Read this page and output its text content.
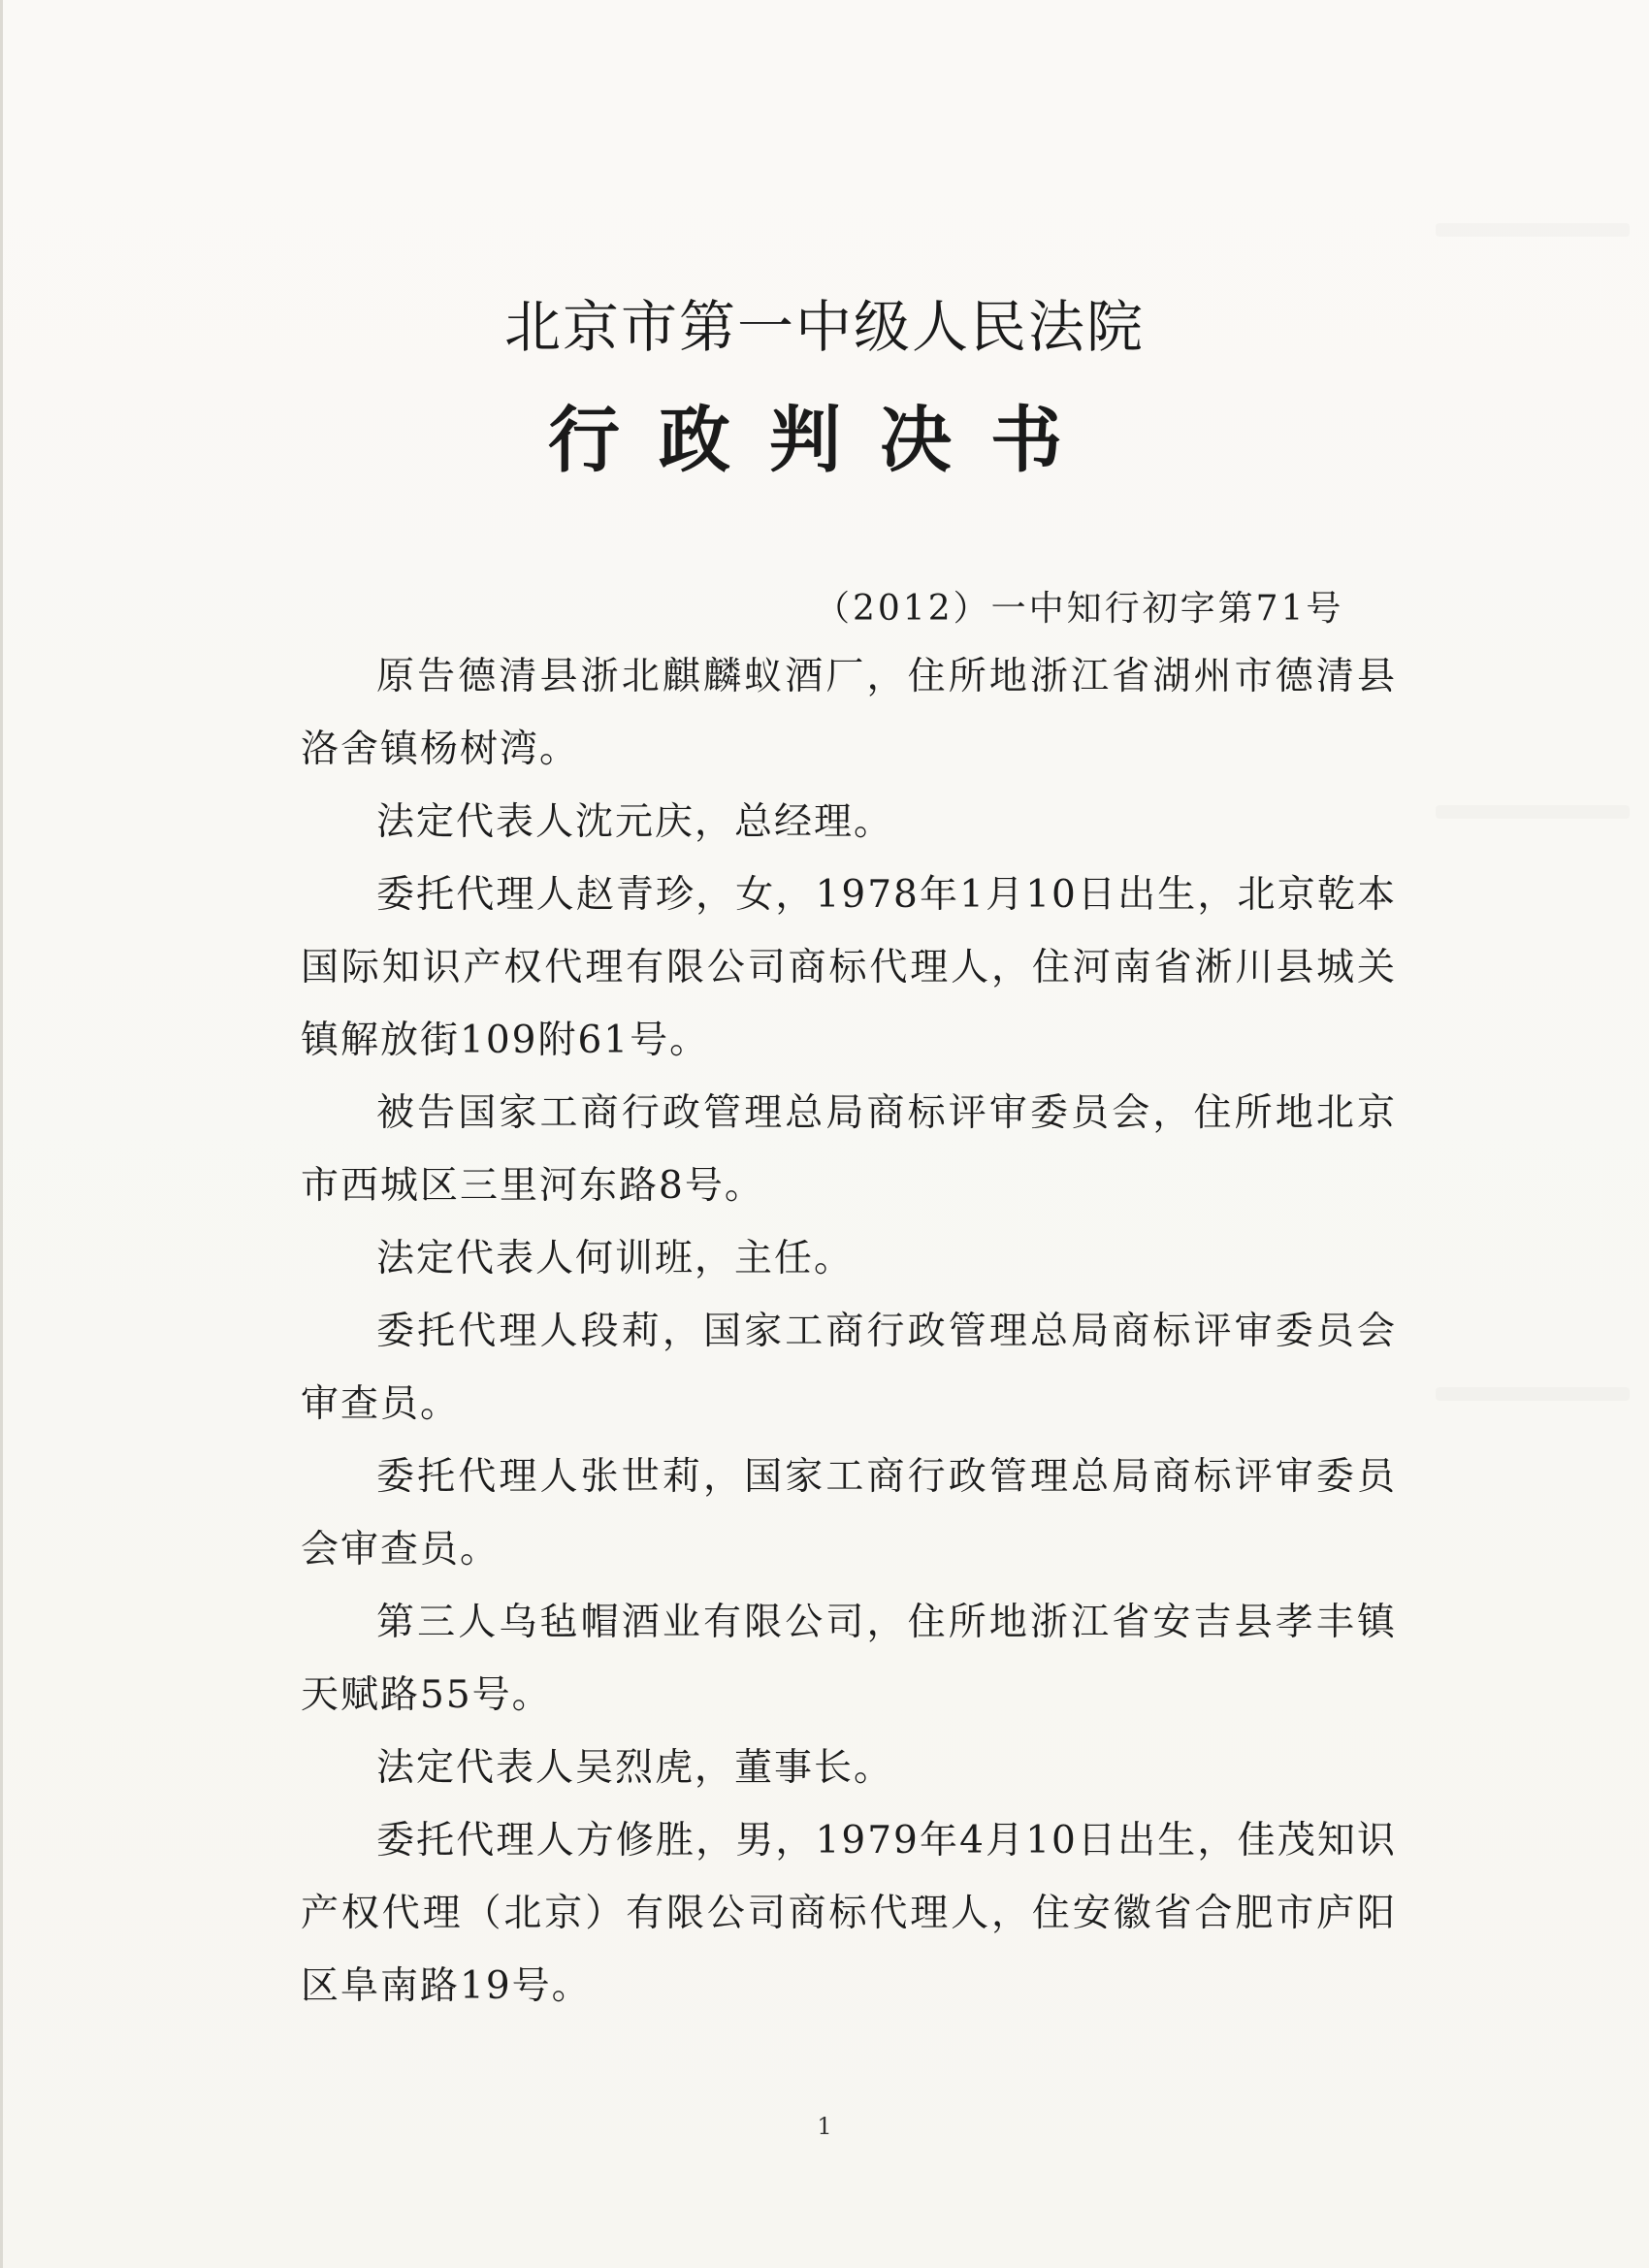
北京市第一中级人民法院
行政判决书
（2012）一中知行初字第71号

原告德清县浙北麒麟蚁酒厂，住所地浙江省湖州市德清县洛舍镇杨树湾。

法定代表人沈元庆，总经理。

委托代理人赵青珍，女，1978年1月10日出生，北京乾本国际知识产权代理有限公司商标代理人，住河南省淅川县城关镇解放街109附61号。

被告国家工商行政管理总局商标评审委员会，住所地北京市西城区三里河东路8号。

法定代表人何训班，主任。

委托代理人段莉，国家工商行政管理总局商标评审委员会审查员。

委托代理人张世莉，国家工商行政管理总局商标评审委员会审查员。

第三人乌毡帽酒业有限公司，住所地浙江省安吉县孝丰镇天赋路55号。

法定代表人吴烈虎，董事长。

委托代理人方修胜，男，1979年4月10日出生，佳茂知识产权代理（北京）有限公司商标代理人，住安徽省合肥市庐阳区阜南路19号。

1
